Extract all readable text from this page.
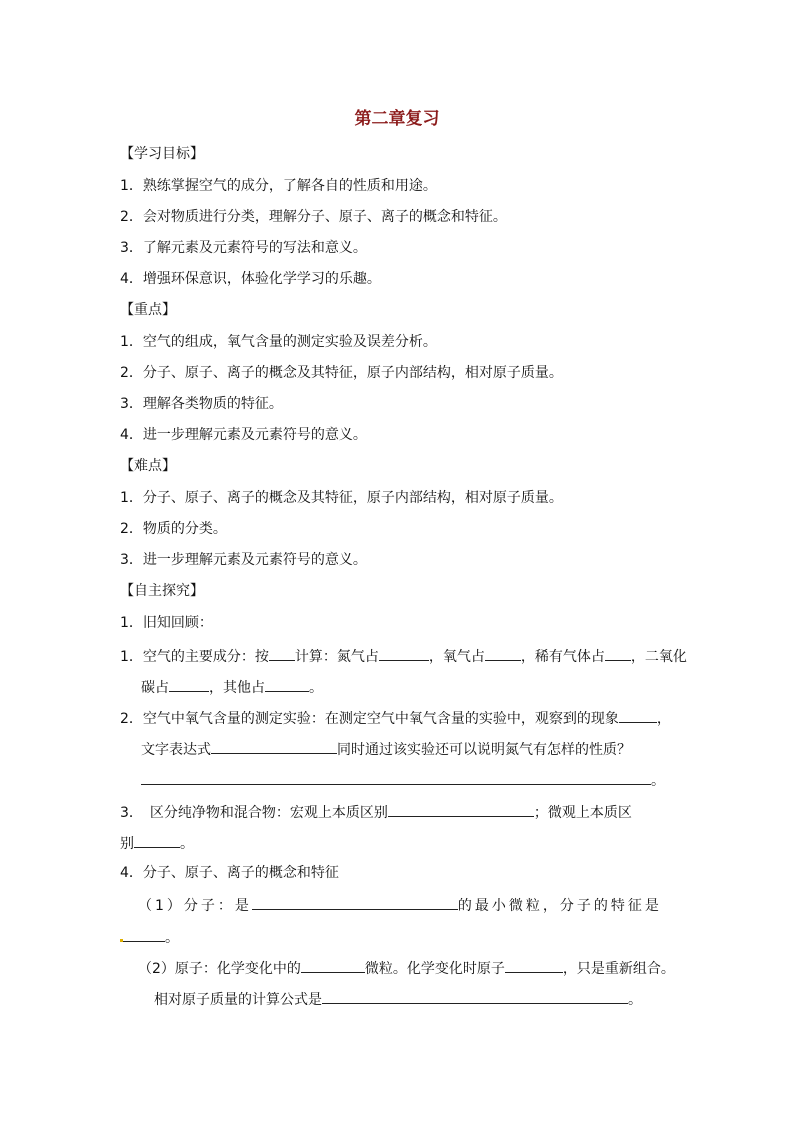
第二章复习
【学习目标】
1．熟练掌握空气的成分，了解各自的性质和用途。
2．会对物质进行分类，理解分子、原子、离子的概念和特征。
3．了解元素及元素符号的写法和意义。
4．增强环保意识，体验化学学习的乐趣。
【重点】
1．空气的组成，氧气含量的测定实验及误差分析。
2．分子、原子、离子的概念及其特征，原子内部结构，相对原子质量。
3．理解各类物质的特征。
4．进一步理解元素及元素符号的意义。
【难点】
1．分子、原子、离子的概念及其特征，原子内部结构，相对原子质量。
2．物质的分类。
3．进一步理解元素及元素符号的意义。
【自主探究】
1．旧知回顾：
1．空气的主要成分：按 计算：氮气占	，氧气占	，稀有气体占 ，二氧化
碳占	，其他占	。
2．空气中氧气含量的测定实验：在测定空气中氧气含量的实验中，观察到的现象	，
文字表达式	同时通过该实验还可以说明氮气有怎样的性质？
。
3．　区分纯净物和混合物：宏观上本质区别	；微观上本质区
别	。
4．分子、原子、离子的概念和特征
（1）分子：是	的最小微粒，分子的特征是
。
（2）原子：化学变化中的	微粒。化学变化时原子	，只是重新组合。
相对原子质量的计算公式是	。
